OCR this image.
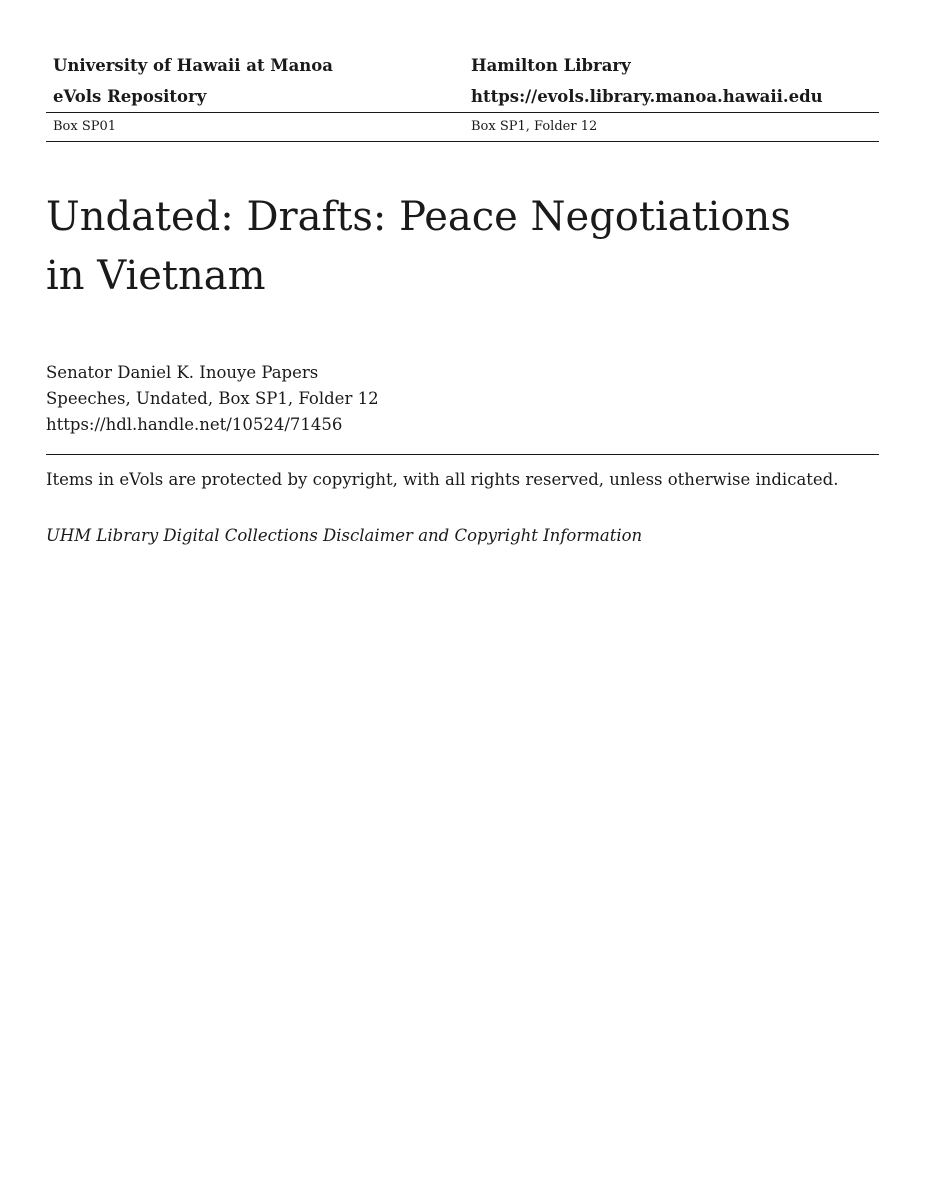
University of Hawaii at Manoa	Hamilton Library
eVols Repository	https://evols.library.manoa.hawaii.edu
Box SP01	Box SP1, Folder 12
Undated: Drafts: Peace Negotiations in Vietnam
Senator Daniel K. Inouye Papers
Speeches, Undated, Box SP1, Folder 12
https://hdl.handle.net/10524/71456
Items in eVols are protected by copyright, with all rights reserved, unless otherwise indicated.
UHM Library Digital Collections Disclaimer and Copyright Information
